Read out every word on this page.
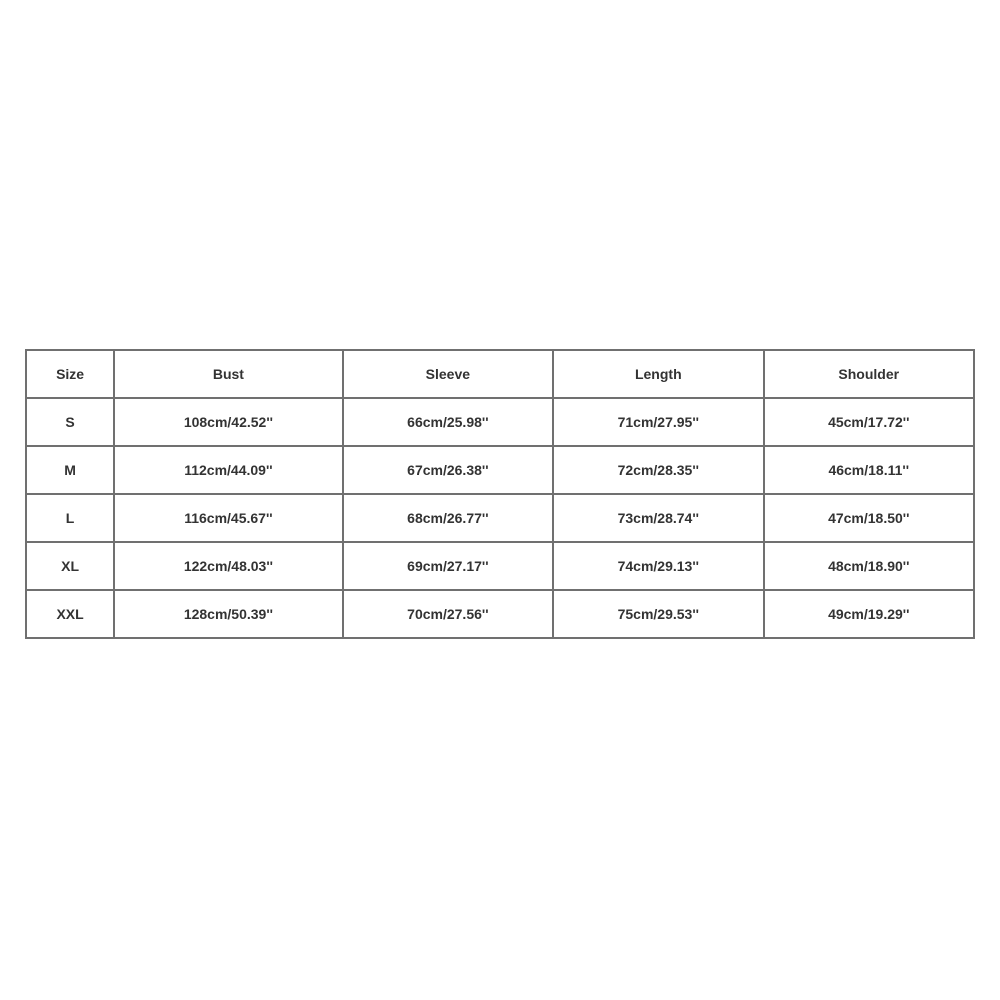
Size	Bust	Sleeve	Length	Shoulder
S	108cm/42.52''	66cm/25.98''	71cm/27.95''	45cm/17.72''
M	112cm/44.09''	67cm/26.38''	72cm/28.35''	46cm/18.11''
L	116cm/45.67''	68cm/26.77''	73cm/28.74''	47cm/18.50''
XL	122cm/48.03''	69cm/27.17''	74cm/29.13''	48cm/18.90''
XXL	128cm/50.39''	70cm/27.56''	75cm/29.53''	49cm/19.29''
